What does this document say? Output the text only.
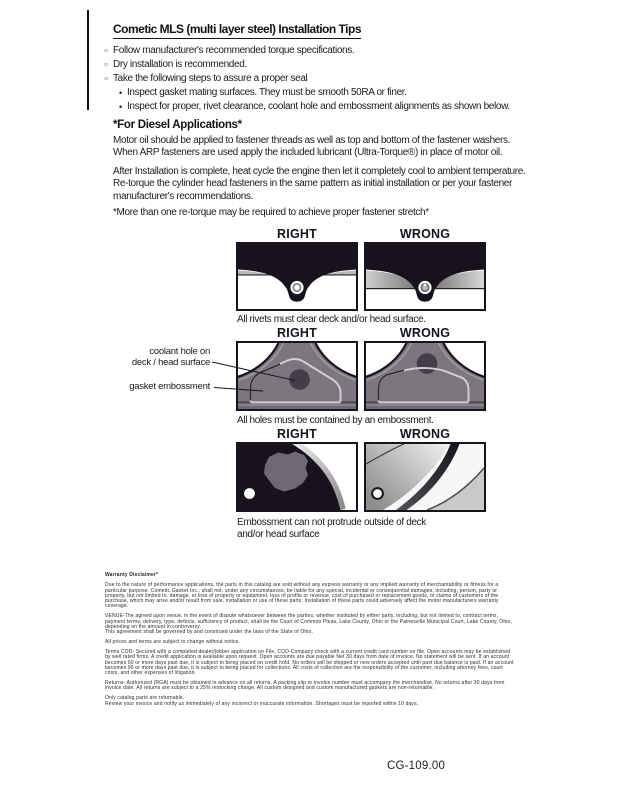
Cometic MLS (multi layer steel) Installation Tips
○ Follow manufacturer's recommended torque specifications.
○ Dry installation is recommended.
○ Take the following steps to assure a proper seal
• Inspect gasket mating surfaces. They must be smooth 50RA or finer.
• Inspect for proper, rivet clearance, coolant hole and embossment alignments as shown below.
*For Diesel Applications*
Motor oil should be applied to fastener threads as well as top and bottom of the fastener washers. When ARP fasteners are used apply the included lubricant (Ultra-Torque®) in place of motor oil.
After Installation is complete, heat cycle the engine then let it completely cool to ambient temperature. Re-torque the cylinder head fasteners in the same pattern as initial installation or per your fastener manufacturer's recommendations.
*More than one re-torque may be required to achieve proper fastener stretch*
RIGHT	WRONG
All rivets must clear deck and/or head surface.
RIGHT	WRONG
coolant hole on
deck / head surface
gasket embossment
All holes must be contained by an embossment.
RIGHT	WRONG
Embossment can not protrude outside of deck and/or head surface
Warranty Disclaimer*

Due to the nature of performance applications, the parts in this catalog are sold without any express warranty or any implied warranty of merchantability or fitness for a particular purpose. Cometic Gasket Inc., shall not, under any circumstances, be liable for any special, incidental or consequential damages, including, person, party or property, but not limited to, damage, or loss of property or equipment, loss of profits or revenue, cost of purchased or replacement goods, or claims of customers of the purchase, which may arise and/or result from sale, installation or use of these parts. Installation of these parts could adversely affect the motor manufacturers warranty coverage.

VENUE-The agreed upon venue, in the event of dispute whatsoever between the parties, whether instituted by either party, including, but not limited to, contract terms, payment terms, delivery, type, defects, sufficiency of product, shall be the Court of Common Pleas, Lake County, Ohio or the Painesville Municipal Court, Lake County, Ohio, depending on the amount in controversy.

This agreement shall be governed by and construed under the laws of the State of Ohio.

All prices and terms are subject to change without notice.

Terms COD- Secured with a completed dealer/jobber application on File, COD-Company check with a current credit card number on file. Open accounts may be established by well rated firms. A credit application is available upon request. Open accounts are due payable Net 30 days from date of invoice. No statement will be sent. If an account becomes 60 or more days past due, it is subject to being placed on credit hold. No orders will be shipped or new orders accepted until past due balance is paid. If an account becomes 90 or more days past due, it is subject to being placed for collections. All costs of collection are the responsibility of the customer, including attorney fees, court costs, and other expenses of litigation.

Returns- Authorized (RGA) must be obtained in advance on all returns. A packing slip or invoice number must accompany the merchandise. No returns after 30 days from invoice date. All returns are subject to a 25% restocking charge. All custom designed and custom manufactured gaskets are non-returnable.

Only catalog parts are returnable.
Review your invoice and notify us immediately of any incorrect or inaccurate information. Shortages must be reported within 10 days.
CG-109.00
